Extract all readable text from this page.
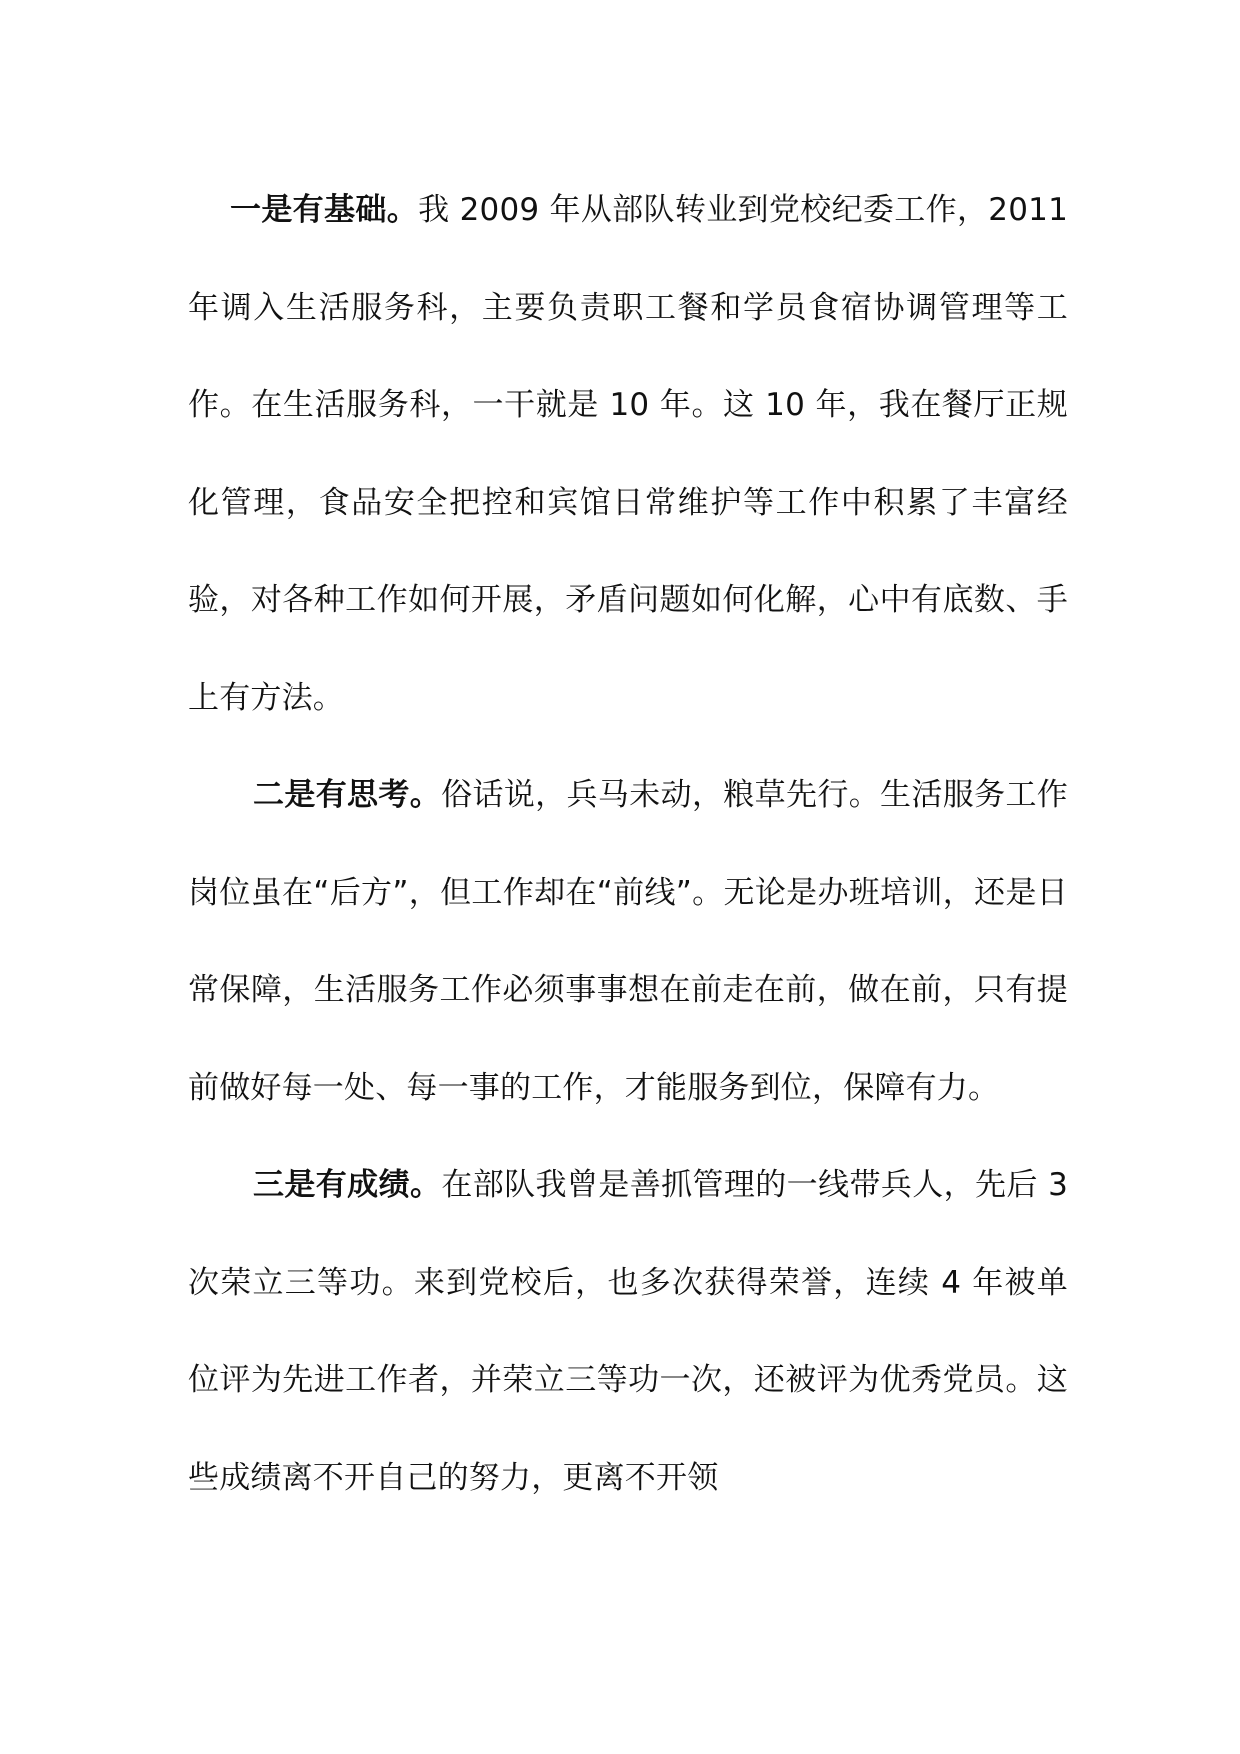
一是有基础。我 2009 年从部队转业到党校纪委工作，2011 年调入生活服务科，主要负责职工餐和学员食宿协调管理等工作。在生活服务科，一干就是 10 年。这 10 年，我在餐厅正规化管理，食品安全把控和宾馆日常维护等工作中积累了丰富经验，对各种工作如何开展，矛盾问题如何化解，心中有底数、手上有方法。

二是有思考。俗话说，兵马未动，粮草先行。生活服务工作岗位虽在“后方”，但工作却在“前线”。无论是办班培训，还是日常保障，生活服务工作必须事事想在前走在前，做在前，只有提前做好每一处、每一事的工作，才能服务到位，保障有力。

三是有成绩。在部队我曾是善抓管理的一线带兵人，先后 3 次荣立三等功。来到党校后，也多次获得荣誉，连续 4 年被单位评为先进工作者，并荣立三等功一次，还被评为优秀党员。这些成绩离不开自己的努力，更离不开领
